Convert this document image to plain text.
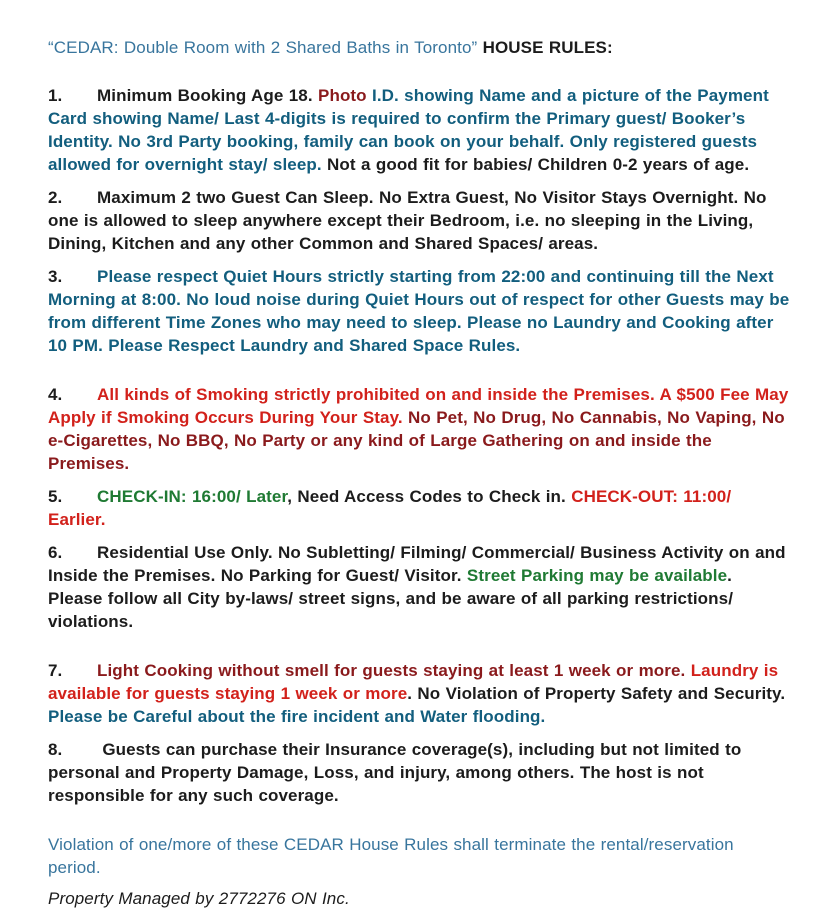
“CEDAR: Double Room with 2 Shared Baths in Toronto” HOUSE RULES:

1. Minimum Booking Age 18. Photo I.D. showing Name and a picture of the Payment Card showing Name/ Last 4-digits is required to confirm the Primary guest/ Booker’s Identity. No 3rd Party booking, family can book on your behalf. Only registered guests allowed for overnight stay/ sleep. Not a good fit for babies/ Children 0-2 years of age.

2. Maximum 2 two Guest Can Sleep. No Extra Guest, No Visitor Stays Overnight. No one is allowed to sleep anywhere except their Bedroom, i.e. no sleeping in the Living, Dining, Kitchen and any other Common and Shared Spaces/ areas.

3. Please respect Quiet Hours strictly starting from 22:00 and continuing till the Next Morning at 8:00. No loud noise during Quiet Hours out of respect for other Guests may be from different Time Zones who may need to sleep. Please no Laundry and Cooking after 10 PM. Please Respect Laundry and Shared Space Rules.

4. All kinds of Smoking strictly prohibited on and inside the Premises. A $500 Fee May Apply if Smoking Occurs During Your Stay. No Pet, No Drug, No Cannabis, No Vaping, No e-Cigarettes, No BBQ, No Party or any kind of Large Gathering on and inside the Premises.

5. CHECK-IN: 16:00/ Later, Need Access Codes to Check in. CHECK-OUT: 11:00/ Earlier.

6. Residential Use Only. No Subletting/ Filming/ Commercial/ Business Activity on and Inside the Premises. No Parking for Guest/ Visitor. Street Parking may be available. Please follow all City by-laws/ street signs, and be aware of all parking restrictions/ violations.

7. Light Cooking without smell for guests staying at least 1 week or more. Laundry is available for guests staying 1 week or more. No Violation of Property Safety and Security. Please be Careful about the fire incident and Water flooding.

8. Guests can purchase their Insurance coverage(s), including but not limited to personal and Property Damage, Loss, and injury, among others. The host is not responsible for any such coverage.

Violation of one/more of these CEDAR House Rules shall terminate the rental/reservation period.

Property Managed by 2772276 ON Inc.
